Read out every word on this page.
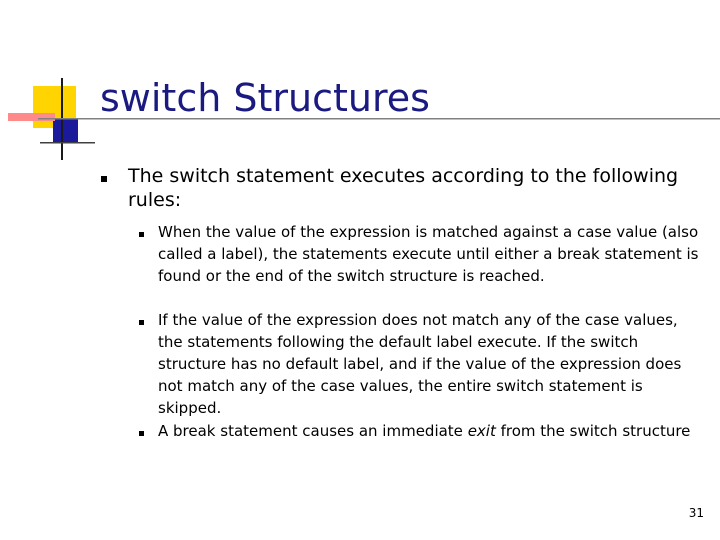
switch Structures
The switch statement executes according to the following rules:
When the value of the expression is matched against a case value (also called a label), the statements execute until either a break statement is found or the end of the switch structure is reached.
If the value of the expression does not match any of the case values, the statements following the default label execute. If the switch structure has no default label, and if the value of the expression does not match any of the case values, the entire switch statement is skipped.
A break statement causes an immediate exit from the switch structure
31
